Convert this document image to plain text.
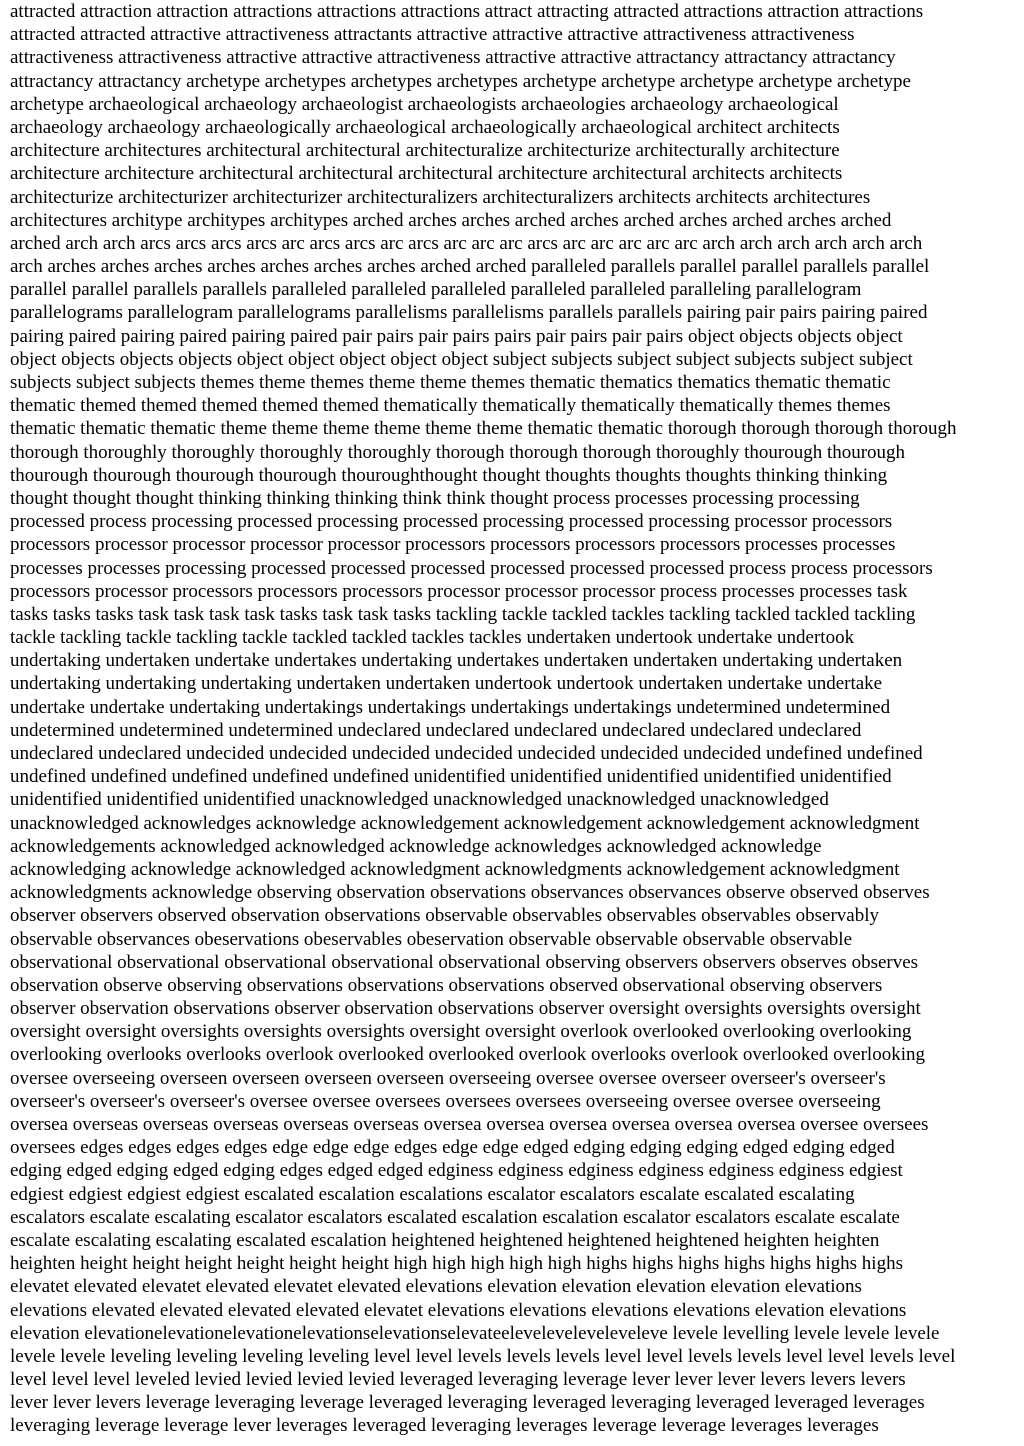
attracted attraction attraction attractions attractions attractions attract attracting attracted attractions attraction attractions

attracted attracted attractive attractiveness attractants attractive attractive attractive attractiveness attractiveness

attractiveness attractiveness attractive attractive attractiveness attractive attractive attractancy attractancy attractancy

attractancy attractancy archetype archetypes archetypes archetypes archetype archetype archetype archetype archetype

archetype archaeological archaeology archaeologist archaeologists archaeologies archaeology archaeological

archaeology archaeology archaeologically archaeological archaeologically archaeological architect architects

architecture architectures architectural architectural architecturalize architecturize architecturally architecture

architecture architecture architectural architectural architectural architecture architectural architects architects

architecturize architecturizer architecturizer architecturalizers architecturalizers architects architects architectures

architectures architype architypes architypes arched arches arches arched arches arched arches arched arches arched

arched arch arch arcs arcs arcs arcs arc arcs arcs arc arcs arc arc arc arcs arc arc arc arc arc arch arch arch arch arch arch

arch arches arches arches arches arches arches arches arched arched paralleled parallels parallel parallel parallels parallel

parallel parallel parallels parallels paralleled paralleled paralleled paralleled paralleled paralleling parallelogram

parallelograms parallelogram parallelograms parallelisms parallelisms parallels parallels pairing pair pairs pairing paired

pairing paired pairing paired pairing paired pair pairs pair pairs pairs pair pairs pair pairs object objects objects object

object objects objects objects object object object object object subject subjects subject subject subjects subject subject

subjects subject subjects themes theme themes theme theme themes thematic thematics thematics thematic thematic

thematic themed themed themed themed themed thematically thematically thematically thematically themes themes

thematic thematic thematic theme theme theme theme theme theme thematic thematic thorough thorough thorough thorough

thorough thoroughly thoroughly thoroughly thoroughly thorough thorough thorough thoroughly thourough thourough

thourough thourough thourough thourough thouroughthought thought thoughts thoughts thoughts thinking thinking

thought thought thought thinking thinking thinking think think thought process processes processing processing

processed process processing processed processing processed processing processed processing processor processors

processors processor processor processor processor processors processors processors processors processes processes

processes processes processing processed processed processed processed processed processed process process processors

processors processor processors processors processors processor processor processor process processes processes task

tasks tasks tasks task task task task tasks task task tasks tackling tackle tackled tackles tackling tackled tackled tackling

tackle tackling tackle tackling tackle tackled tackled tackles tackles undertaken undertook undertake undertook

undertaking undertaken undertake undertakes undertaking undertakes undertaken undertaken undertaking undertaken

undertaking undertaking undertaking undertaken undertaken undertook undertook undertaken undertake undertake

undertake undertake undertaking undertakings undertakings undertakings undertakings undetermined undetermined

undetermined undetermined undetermined undeclared undeclared undeclared undeclared undeclared undeclared

undeclared undeclared undecided undecided undecided undecided undecided undecided undecided undefined undefined

undefined undefined undefined undefined undefined unidentified unidentified unidentified unidentified unidentified

unidentified unidentified unidentified unacknowledged unacknowledged unacknowledged unacknowledged

unacknowledged acknowledges acknowledge acknowledgement acknowledgement acknowledgement acknowledgment

acknowledgements acknowledged acknowledged acknowledge acknowledges acknowledged acknowledge

acknowledging acknowledge acknowledged acknowledgment acknowledgments acknowledgement acknowledgment

acknowledgments acknowledge observing observation observations observances observances observe observed observes

observer observers observed observation observations observable observables observables observables observably

observable observances obeservations obeservables obeservation observable observable observable observable

observational observational observational observational observational observing observers observers observes observes

observation observe observing observations observations observations observed observational observing observers

observer observation observations observer observation observations observer oversight oversights oversights oversight

oversight oversight oversights oversights oversights oversight oversight overlook overlooked overlooking overlooking

overlooking overlooks overlooks overlook overlooked overlooked overlook overlooks overlook overlooked overlooking

oversee overseeing overseen overseen overseen overseen overseeing oversee oversee overseer overseer's overseer's

overseer's overseer's overseer's oversee oversee oversees oversees oversees overseeing oversee oversee overseeing

oversea overseas overseas overseas overseas overseas oversea oversea oversea oversea oversea oversea oversee oversees

oversees edges edges edges edges edge edge edge edges edge edge edged edging edging edging edged edging edged

edging edged edging edged edging edges edged edged edginess edginess edginess edginess edginess edginess edgiest

edgiest edgiest edgiest edgiest escalated escalation escalations escalator escalators escalate escalated escalating

escalators escalate escalating escalator escalators escalated escalation escalation escalator escalators escalate escalate

escalate escalating escalating escalated escalation heightened heightened heightened heightened heighten heighten

heighten height height height height height height high high high high high highs highs highs highs highs highs highs

elevatet elevated elevatet elevated elevatet elevated elevations elevation elevation elevation elevation elevations

elevations elevated elevated elevated elevated elevatet elevations elevations elevations elevations elevation elevations

elevation elevationelevationelevationelevationselevationselevateeleveleveleveleveleve levele levelling levele levele levele

levele levele leveling leveling leveling leveling level level levels levels levels level level levels levels level level levels level

level level level leveled levied levied levied levied leveraged leveraging leverage lever lever lever levers levers levers

lever lever levers leverage leveraging leverage leveraged leveraging leveraged leveraging leveraged leveraged leverages

leveraging leverage leverage lever leverages leveraged leveraging leverages leverage leverage leverages leverages
